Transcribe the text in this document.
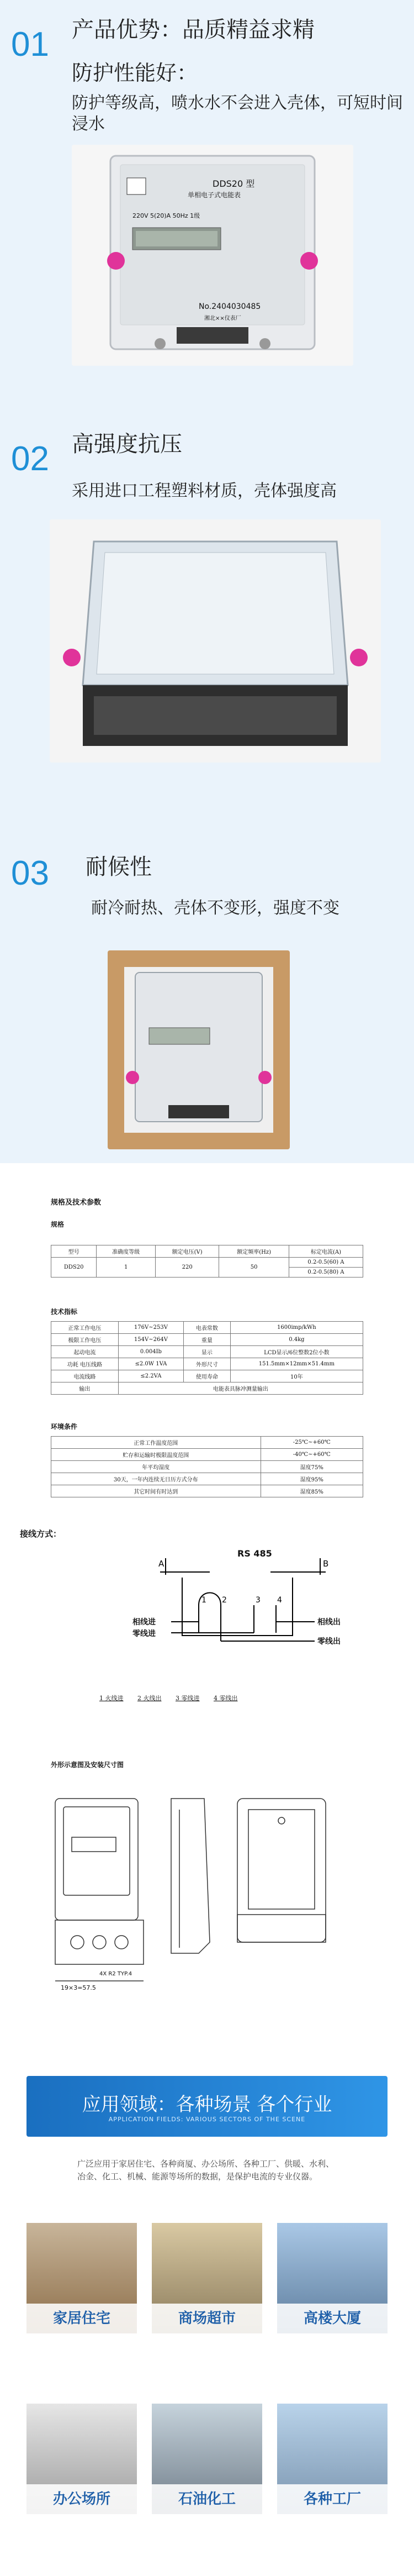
01 产品优势：品质精益求精
防护性能好：
防护等级高，喷水水不会进入壳体，可短时间浸水
DDS20 型
单相电子式电能表
220V 5(20)A 50Hz 1级
No.2404030485
湘北××仪表厂
02 高强度抗压
采用进口工程塑料材质，壳体强度高
03 耐候性
耐冷耐热、壳体不变形，强度不变
规格及技术参数
规格
型号	准确度等级	额定电压(V)	额定频率(Hz)	标定电流(A)
DDS20	1	220	50	0.2-0.5(60) A
				0.2-0.5(80) A
技术指标
正常工作电压	176V~253V	电表常数	1600imp/kWh
极限工作电压	154V~264V	重量	0.4kg
起动电流	0.004Ib	显示	LCD显示/6位整数2位小数
功耗 电压线路	≤2.0W 1VA	外形尺寸	151.5mm×12mm×51.4mm
电流线路	≤2.2VA	使用寿命	10年
输出	电能表具脉冲测量输出		
环境条件
正常工作温度范围	-25℃~+60℃
贮存和运输时极限温度范围	-40℃~+60℃
年平均湿度	湿度75%
30天，一年内连续无日历方式分布	湿度95%
其它时间有时达到	湿度85%
接线方式：
1 2	3 4
A	B
RS 485
相线进
零线进
相线出
零线出
1 火线进 2 火线出 3 零线进 4 零线出
外形示意图及安装尺寸图
19×3=57.5
4X R2 TYP.4
应用领域：各种场景 各个行业
APPLICATION FIELDS: VARIOUS SECTORS OF THE SCENE
广泛应用于家居住宅、各种商厦、办公场所、各种工厂、供暖、水利、冶金、化工、机械、能源等场所的数据，是保护电流的专业仪器。
家居住宅	商场超市	高楼大厦
办公场所	石油化工	各种工厂
